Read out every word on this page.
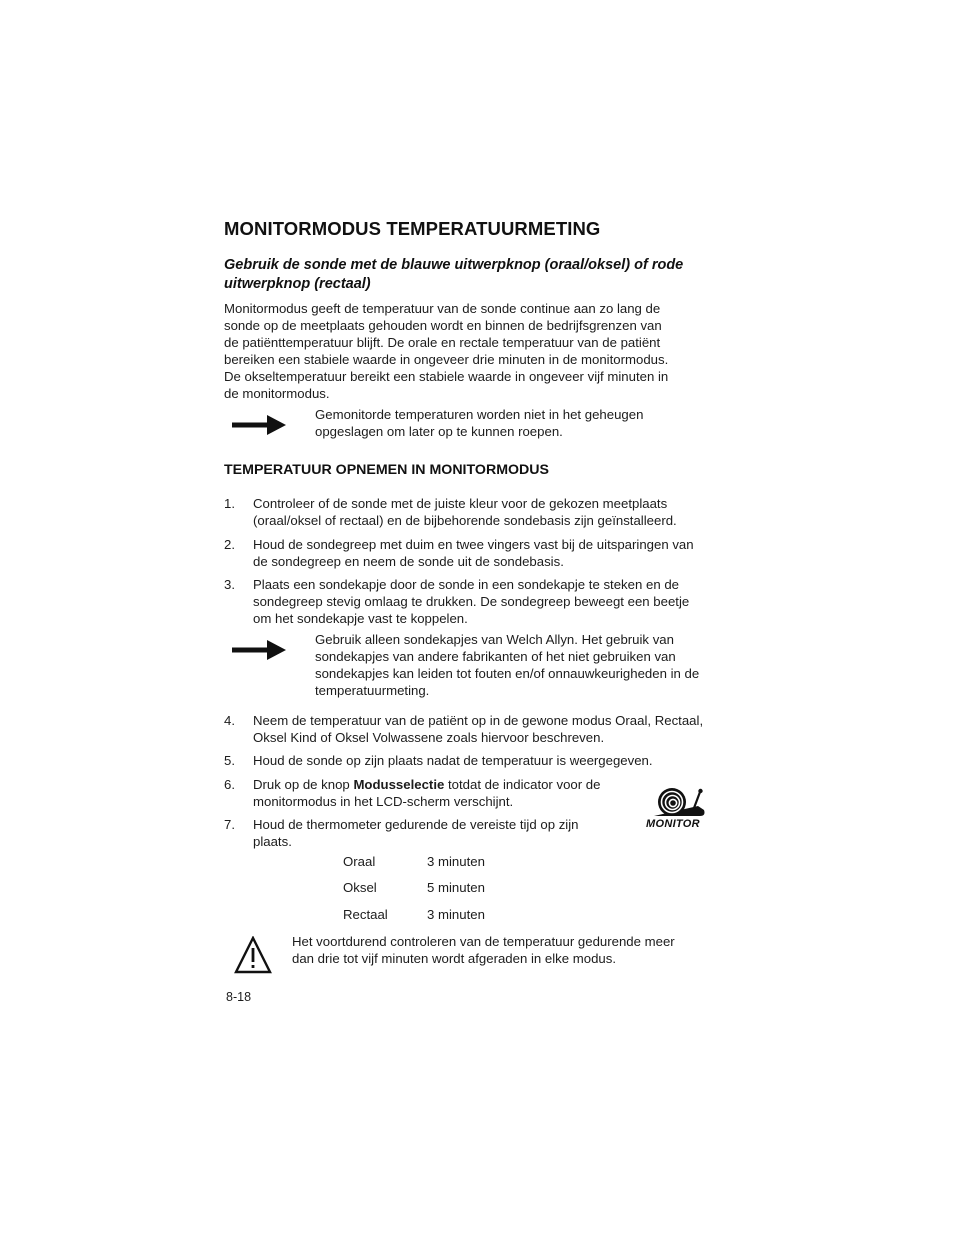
MONITORMODUS TEMPERATUURMETING

Gebruik de sonde met de blauwe uitwerpknop (oraal/oksel) of rode uitwerpknop (rectaal)

Monitormodus geeft de temperatuur van de sonde continue aan zo lang de
sonde op de meetplaats gehouden wordt en binnen de bedrijfsgrenzen van
de patiënttemperatuur blijft. De orale en rectale temperatuur van de patiënt
bereiken een stabiele waarde in ongeveer drie minuten in de monitormodus.
De okseltemperatuur bereikt een stabiele waarde in ongeveer vijf minuten in
de monitormodus.
Gemonitorde temperaturen worden niet in het geheugen
opgeslagen om later op te kunnen roepen.
TEMPERATUUR OPNEMEN IN MONITORMODUS
1. Controleer of de sonde met de juiste kleur voor de gekozen meetplaats
(oraal/oksel of rectaal) en de bijbehorende sondebasis zijn geïnstalleerd.
2. Houd de sondegreep met duim en twee vingers vast bij de uitsparingen van
de sondegreep en neem de sonde uit de sondebasis.
3. Plaats een sondekapje door de sonde in een sondekapje te steken en de
sondegreep stevig omlaag te drukken. De sondegreep beweegt een beetje
om het sondekapje vast te koppelen.
Gebruik alleen sondekapjes van Welch Allyn. Het gebruik van
sondekapjes van andere fabrikanten of het niet gebruiken van
sondekapjes kan leiden tot fouten en/of onnauwkeurigheden in de
temperatuurmeting.
4. Neem de temperatuur van de patiënt op in de gewone modus Oraal, Rectaal,
Oksel Kind of Oksel Volwassene zoals hiervoor beschreven.
5. Houd de sonde op zijn plaats nadat de temperatuur is weergegeven.
6. Druk op de knop Modusselectie totdat de indicator voor de
monitormodus in het LCD-scherm verschijnt.
7. Houd de thermometer gedurende de vereiste tijd op zijn
plaats.
MONITOR
Oraal	3 minuten
Oksel	5 minuten
Rectaal	3 minuten
Het voortdurend controleren van de temperatuur gedurende meer
dan drie tot vijf minuten wordt afgeraden in elke modus.
8-18
